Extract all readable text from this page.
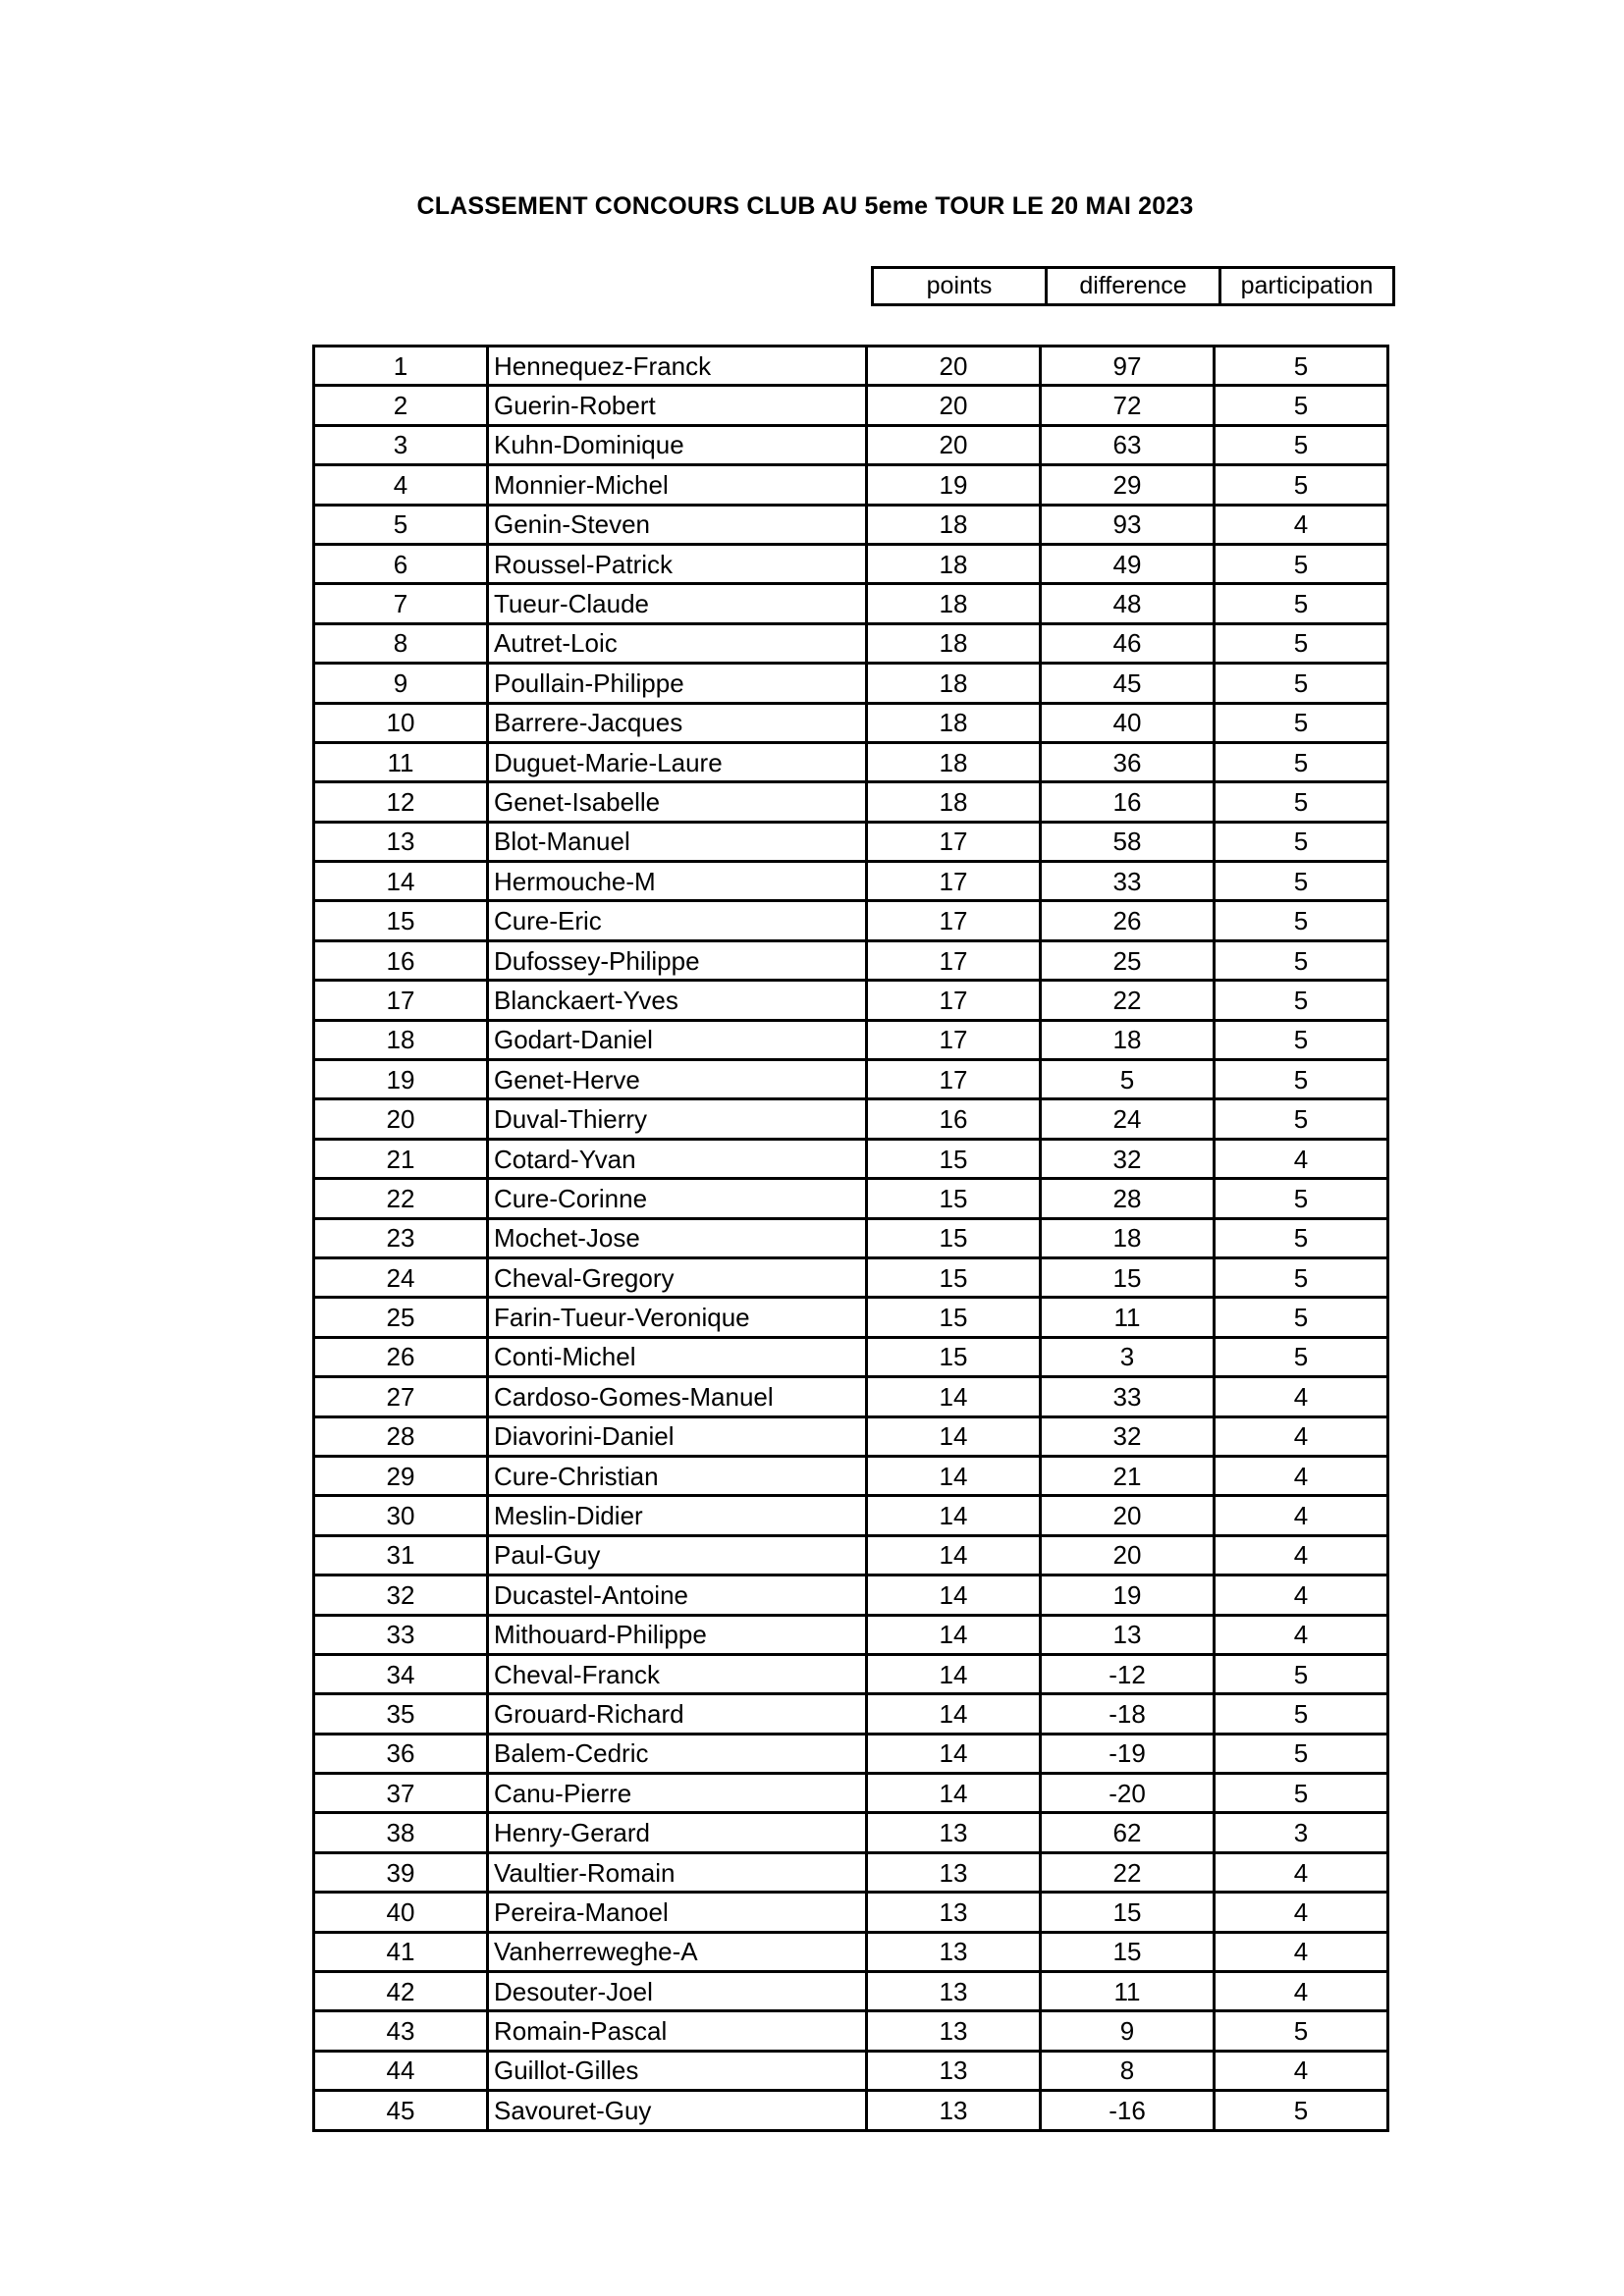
CLASSEMENT CONCOURS CLUB AU 5eme TOUR LE 20 MAI 2023
points	difference	participation
1	Hennequez-Franck	20	97	5
2	Guerin-Robert	20	72	5
3	Kuhn-Dominique	20	63	5
4	Monnier-Michel	19	29	5
5	Genin-Steven	18	93	4
6	Roussel-Patrick	18	49	5
7	Tueur-Claude	18	48	5
8	Autret-Loic	18	46	5
9	Poullain-Philippe	18	45	5
10	Barrere-Jacques	18	40	5
11	Duguet-Marie-Laure	18	36	5
12	Genet-Isabelle	18	16	5
13	Blot-Manuel	17	58	5
14	Hermouche-M	17	33	5
15	Cure-Eric	17	26	5
16	Dufossey-Philippe	17	25	5
17	Blanckaert-Yves	17	22	5
18	Godart-Daniel	17	18	5
19	Genet-Herve	17	5	5
20	Duval-Thierry	16	24	5
21	Cotard-Yvan	15	32	4
22	Cure-Corinne	15	28	5
23	Mochet-Jose	15	18	5
24	Cheval-Gregory	15	15	5
25	Farin-Tueur-Veronique	15	11	5
26	Conti-Michel	15	3	5
27	Cardoso-Gomes-Manuel	14	33	4
28	Diavorini-Daniel	14	32	4
29	Cure-Christian	14	21	4
30	Meslin-Didier	14	20	4
31	Paul-Guy	14	20	4
32	Ducastel-Antoine	14	19	4
33	Mithouard-Philippe	14	13	4
34	Cheval-Franck	14	-12	5
35	Grouard-Richard	14	-18	5
36	Balem-Cedric	14	-19	5
37	Canu-Pierre	14	-20	5
38	Henry-Gerard	13	62	3
39	Vaultier-Romain	13	22	4
40	Pereira-Manoel	13	15	4
41	Vanherreweghe-A	13	15	4
42	Desouter-Joel	13	11	4
43	Romain-Pascal	13	9	5
44	Guillot-Gilles	13	8	4
45	Savouret-Guy	13	-16	5
